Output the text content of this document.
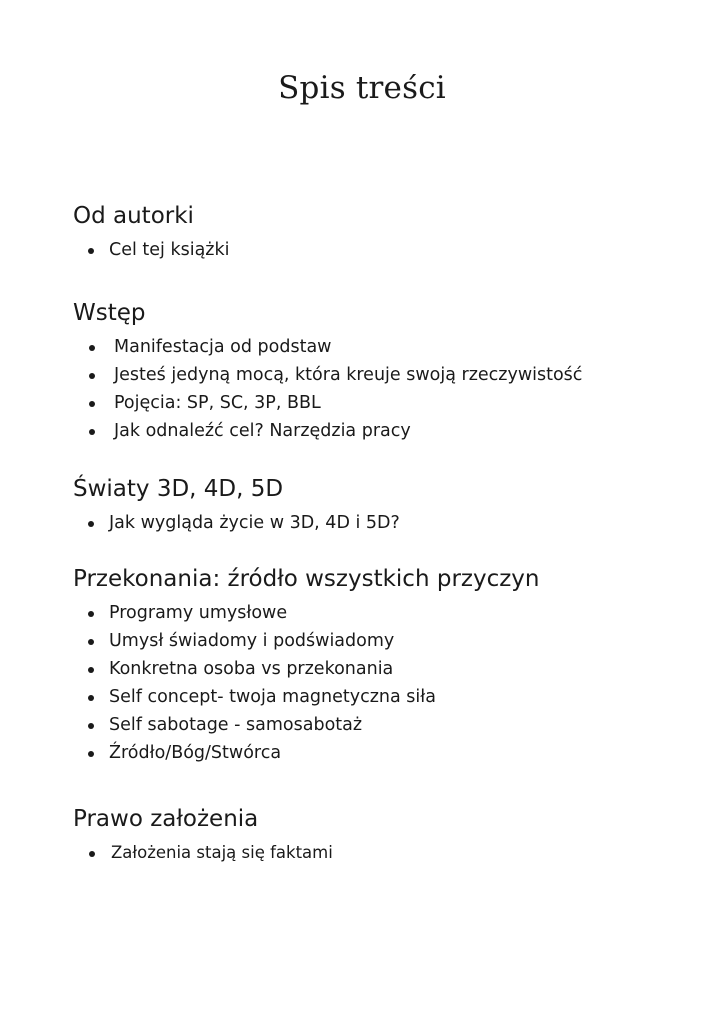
Spis treści
Od autorki
Cel tej książki
Wstęp
Manifestacja od podstaw
Jesteś jedyną mocą, która kreuje swoją rzeczywistość
Pojęcia: SP, SC, 3P, BBL
Jak odnaleźć cel? Narzędzia pracy
Światy 3D, 4D, 5D
Jak wygląda życie w 3D, 4D i 5D?
Przekonania: źródło wszystkich przyczyn
Programy umysłowe
Umysł świadomy i podświadomy
Konkretna osoba vs przekonania
Self concept- twoja magnetyczna siła
Self sabotage - samosabotaż
Źródło/Bóg/Stwórca
Prawo założenia
Założenia stają się faktami
